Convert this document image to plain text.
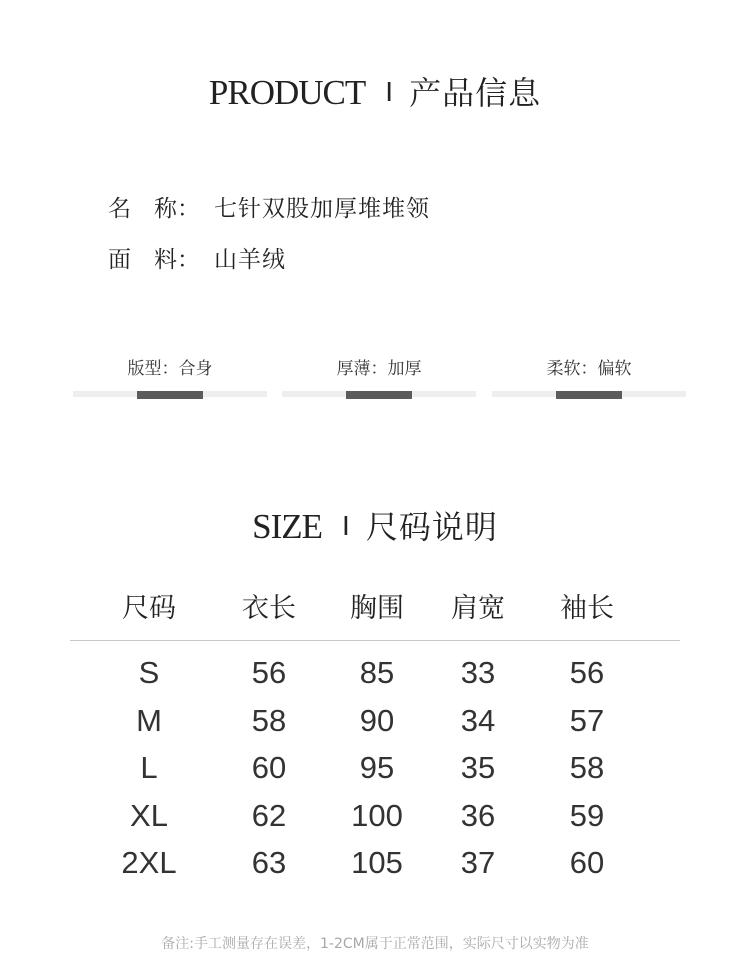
PRODUCT I 产品信息
名　称： 七针双股加厚堆堆领
面　料： 山羊绒
版型：合身	厚薄：加厚	柔软：偏软
SIZE I 尺码说明
尺码	衣长	胸围	肩宽	袖长
S	56	85	33	56
M	58	90	34	57
L	60	95	35	58
XL	62	100	36	59
2XL	63	105	37	60
备注:手工测量存在误差，1-2CM属于正常范围，实际尺寸以实物为准
